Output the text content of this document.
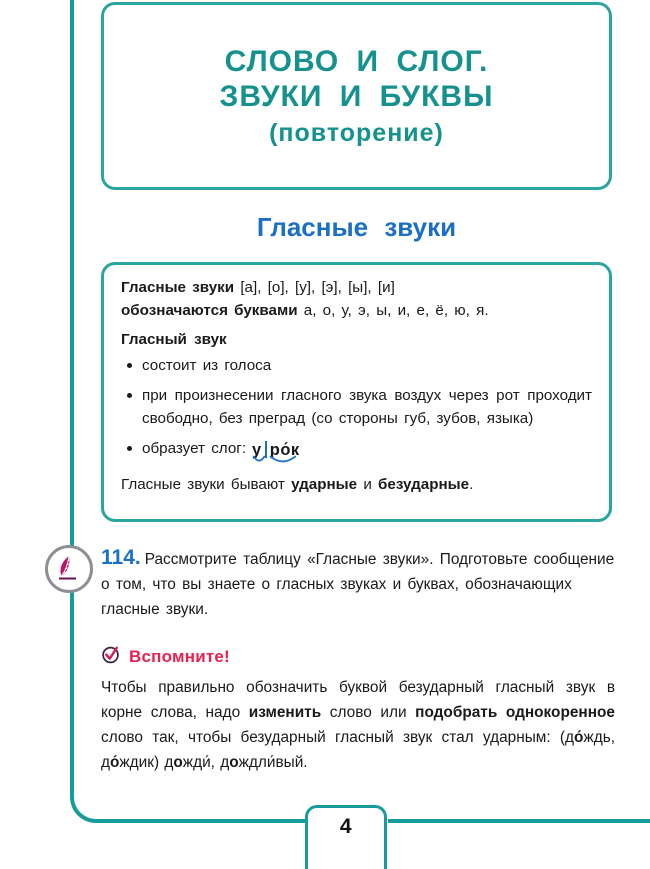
4
СЛОВО И СЛОГ.
ЗВУКИ И БУКВЫ
(повторение)
Гласные звуки
Гласные звуки [а], [о], [у], [э], [ы], [и]
обозначаются буквами а, о, у, э, ы, и, е, ё, ю, я.
Гласный звук
состоит из голоса
при произнесении гласного звука воздух через рот проходит свободно, без преград (со стороны губ, зубов, языка)
образует слог: у ро́к
Гласные звуки бывают ударные и безударные.
114. Рассмотрите таблицу «Гласные звуки». Подготовьте сообщение о том, что вы знаете о гласных звуках и буквах, обозначающих гласные звуки.
Вспомните!
Чтобы правильно обозначить буквой безударный гласный звук в корне слова, надо изменить слово или подобрать однокоренное слово так, чтобы безударный гласный звук стал ударным: (до́ждь, до́ждик) дожди́, дождли́вый.
